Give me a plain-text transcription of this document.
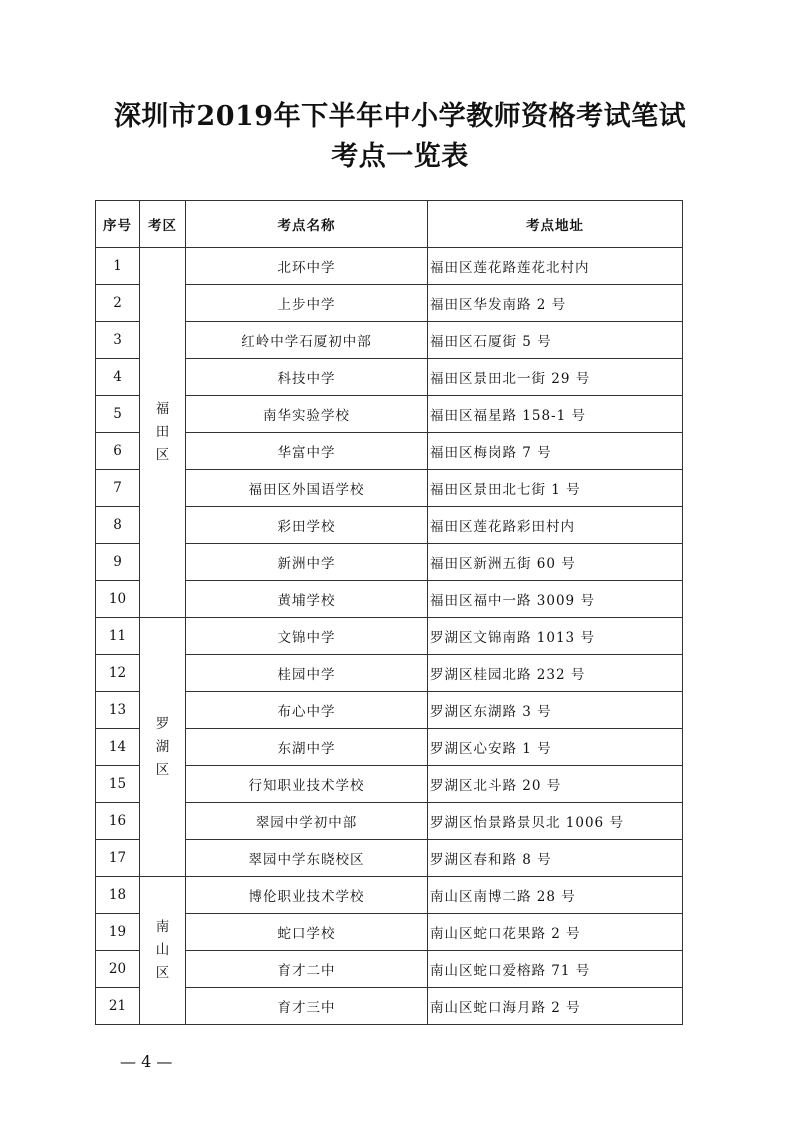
深圳市2019年下半年中小学教师资格考试笔试
考点一览表
序号	考区	考点名称	考点地址
1	福
田
区	北环中学	福田区莲花路莲花北村内
2		上步中学	福田区华发南路 2 号
3		红岭中学石厦初中部	福田区石厦街 5 号
4		科技中学	福田区景田北一街 29 号
5		南华实验学校	福田区福星路 158-1 号
6		华富中学	福田区梅岗路 7 号
7		福田区外国语学校	福田区景田北七街 1 号
8		彩田学校	福田区莲花路彩田村内
9		新洲中学	福田区新洲五街 60 号
10		黄埔学校	福田区福中一路 3009 号
11	罗
湖
区	文锦中学	罗湖区文锦南路 1013 号
12		桂园中学	罗湖区桂园北路 232 号
13		布心中学	罗湖区东湖路 3 号
14		东湖中学	罗湖区心安路 1 号
15		行知职业技术学校	罗湖区北斗路 20 号
16		翠园中学初中部	罗湖区怡景路景贝北 1006 号
17		翠园中学东晓校区	罗湖区春和路 8 号
18	南
山
区	博伦职业技术学校	南山区南博二路 28 号
19		蛇口学校	南山区蛇口花果路 2 号
20		育才二中	南山区蛇口爱榕路 71 号
21		育才三中	南山区蛇口海月路 2 号
— 4 —
